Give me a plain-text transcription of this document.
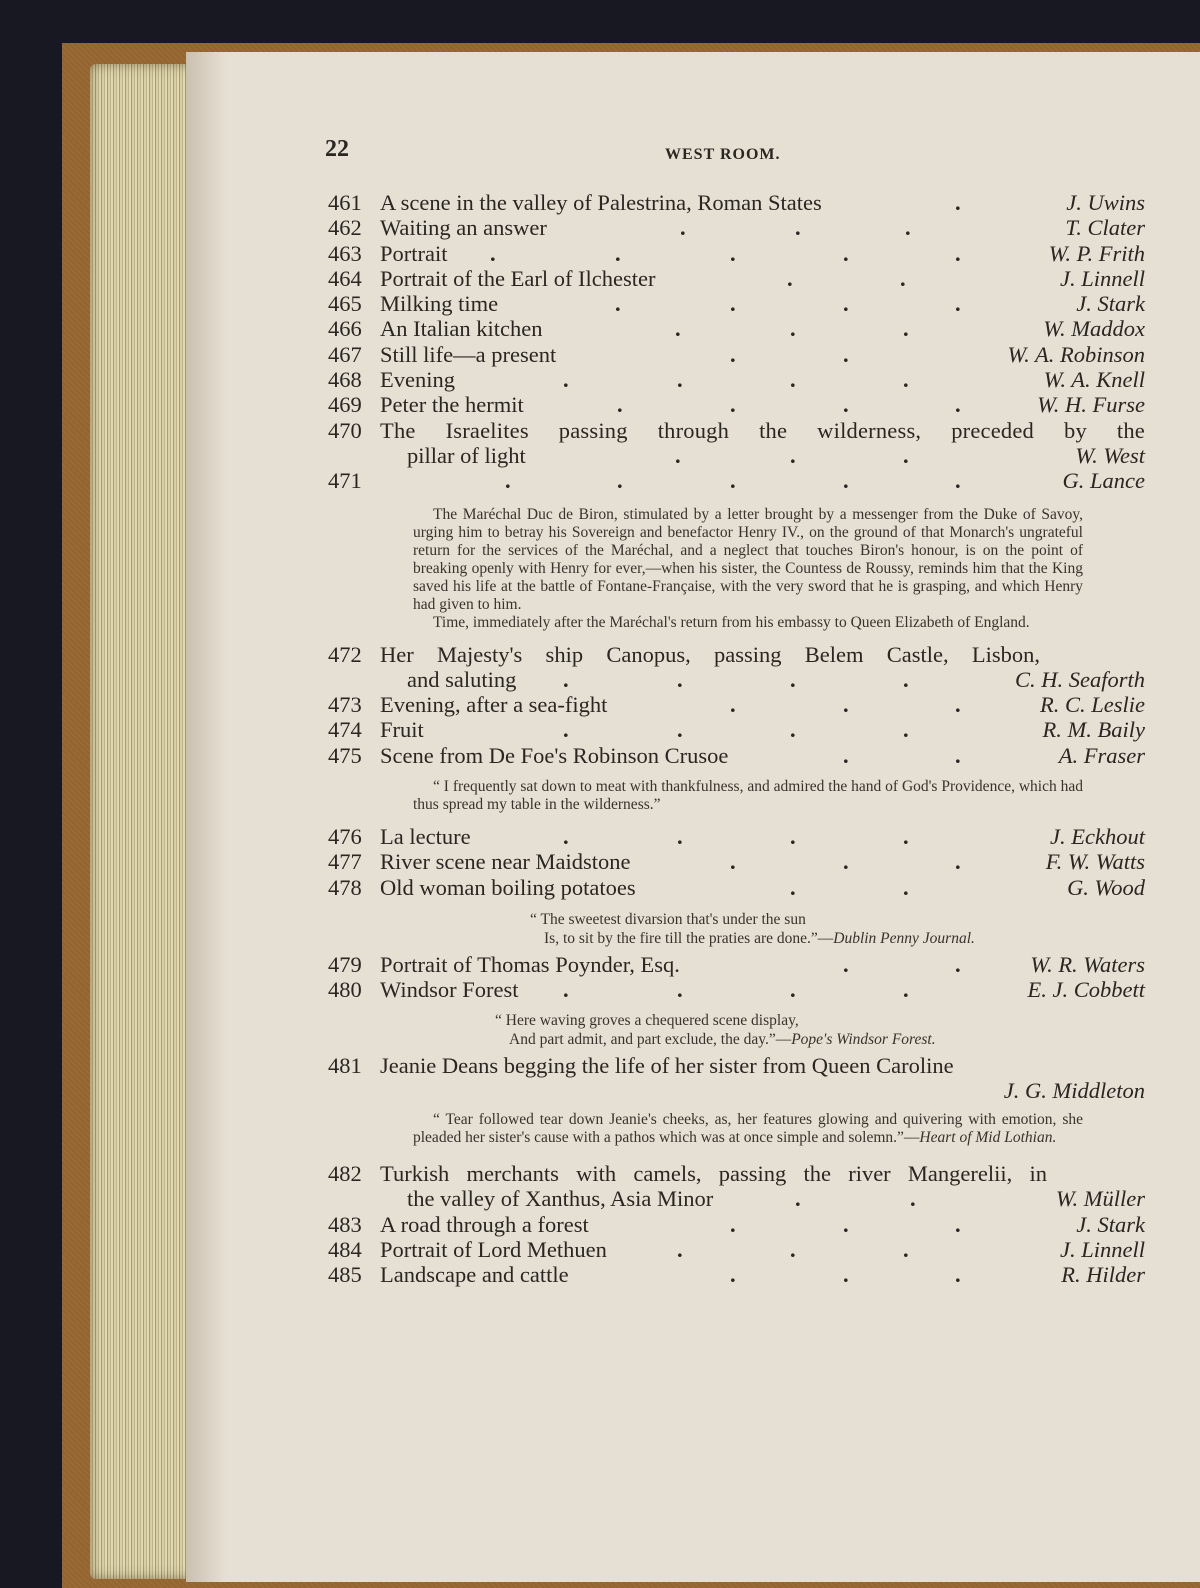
22	WEST ROOM.
461 A scene in the valley of Palestrina, Roman States	.	J. Uwins
462 Waiting an answer	.	.	.	T. Clater
463 Portrait .	.	.	.	.	W. P. Frith
464 Portrait of the Earl of Ilchester	.	.	J. Linnell
465 Milking time	.	.	.	.	J. Stark
466 An Italian kitchen	.	.	.	W. Maddox
467 Still life—a present	.	.	W. A. Robinson
468 Evening	.	.	.	.	W. A. Knell
469 Peter the hermit	.	.	.	.	W. H. Furse
470 The Israelites passing through the wilderness, preceded by the
pillar of light	.	.	.	W. West
471	.	.	.	.	.	G. Lance

The Maréchal Duc de Biron, stimulated by a letter brought by a messenger from the Duke of Savoy, urging him to betray his Sovereign and benefactor Henry IV., on the ground of that Monarch's ungrateful return for the services of the Maréchal, and a neglect that touches Biron's honour, is on the point of breaking openly with Henry for ever,—when his sister, the Countess de Roussy, reminds him that the King saved his life at the battle of Fontane-Française, with the very sword that he is grasping, and which Henry had given to him.

Time, immediately after the Maréchal's return from his embassy to Queen Elizabeth of England.

472 Her Majesty's ship Canopus, passing Belem Castle, Lisbon,
and saluting .	.	.	.	C. H. Seaforth
473 Evening, after a sea-fight	.	.	.	R. C. Leslie
474 Fruit	.	.	.	.	R. M. Baily
475 Scene from De Foe's Robinson Crusoe	.	.	A. Fraser

“ I frequently sat down to meat with thankfulness, and admired the hand of God's Providence, which had thus spread my table in the wilderness.”

476 La lecture	.	.	.	.	J. Eckhout
477 River scene near Maidstone	.	.	.	F. W. Watts
478 Old woman boiling potatoes	.	.	G. Wood
“ The sweetest divarsion that's under the sun
Is, to sit by the fire till the praties are done.”—Dublin Penny Journal.
479 Portrait of Thomas Poynder, Esq.	.	.	W. R. Waters
480 Windsor Forest .	.	.	.	E. J. Cobbett
“ Here waving groves a chequered scene display,
And part admit, and part exclude, the day.”—Pope's Windsor Forest.
481 Jeanie Deans begging the life of her sister from Queen Caroline
J. G. Middleton

“ Tear followed tear down Jeanie's cheeks, as, her features glowing and quivering with emotion, she pleaded her sister's cause with a pathos which was at once simple and solemn.”—Heart of Mid Lothian.

482 Turkish merchants with camels, passing the river Mangerelii, in
the valley of Xanthus, Asia Minor	.	.	W. Müller
483 A road through a forest	.	.	.	J. Stark
484 Portrait of Lord Methuen	.	.	.	J. Linnell
485 Landscape and cattle	.	.	.	R. Hilder
